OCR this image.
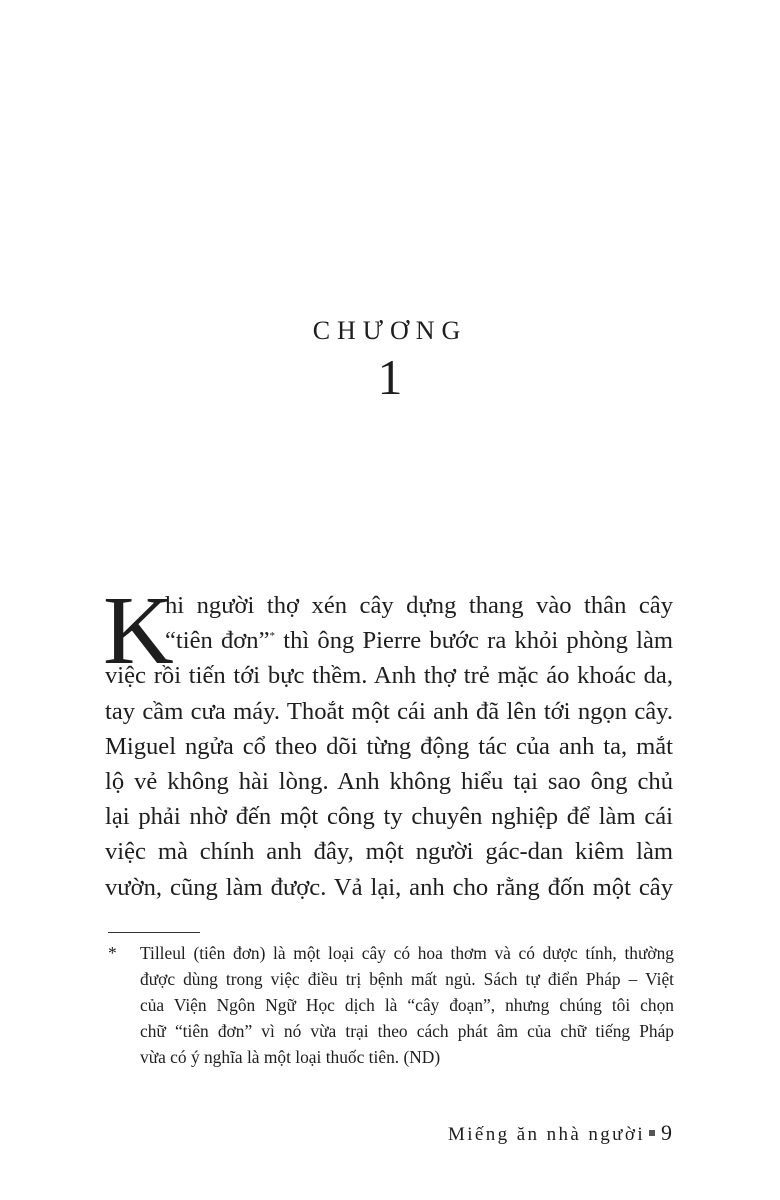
CHƯƠNG
1
K
hi người thợ xén cây dựng thang vào thân cây
“tiên đơn”* thì ông Pierre bước ra khỏi phòng làm
việc rồi tiến tới bực thềm. Anh thợ trẻ mặc áo khoác da,
tay cầm cưa máy. Thoắt một cái anh đã lên tới ngọn cây.
Miguel ngửa cổ theo dõi từng động tác của anh ta, mắt
lộ vẻ không hài lòng. Anh không hiểu tại sao ông chủ
lại phải nhờ đến một công ty chuyên nghiệp để làm cái
việc mà chính anh đây, một người gác-dan kiêm làm
vườn, cũng làm được. Vả lại, anh cho rằng đốn một cây
* Tilleul (tiên đơn) là một loại cây có hoa thơm và có dược tính, thường
được dùng trong việc điều trị bệnh mất ngủ. Sách tự điển Pháp – Việt
của Viện Ngôn Ngữ Học dịch là “cây đoạn”, nhưng chúng tôi chọn
chữ “tiên đơn” vì nó vừa trại theo cách phát âm của chữ tiếng Pháp
vừa có ý nghĩa là một loại thuốc tiên. (ND)
Miếng ăn nhà người 9
